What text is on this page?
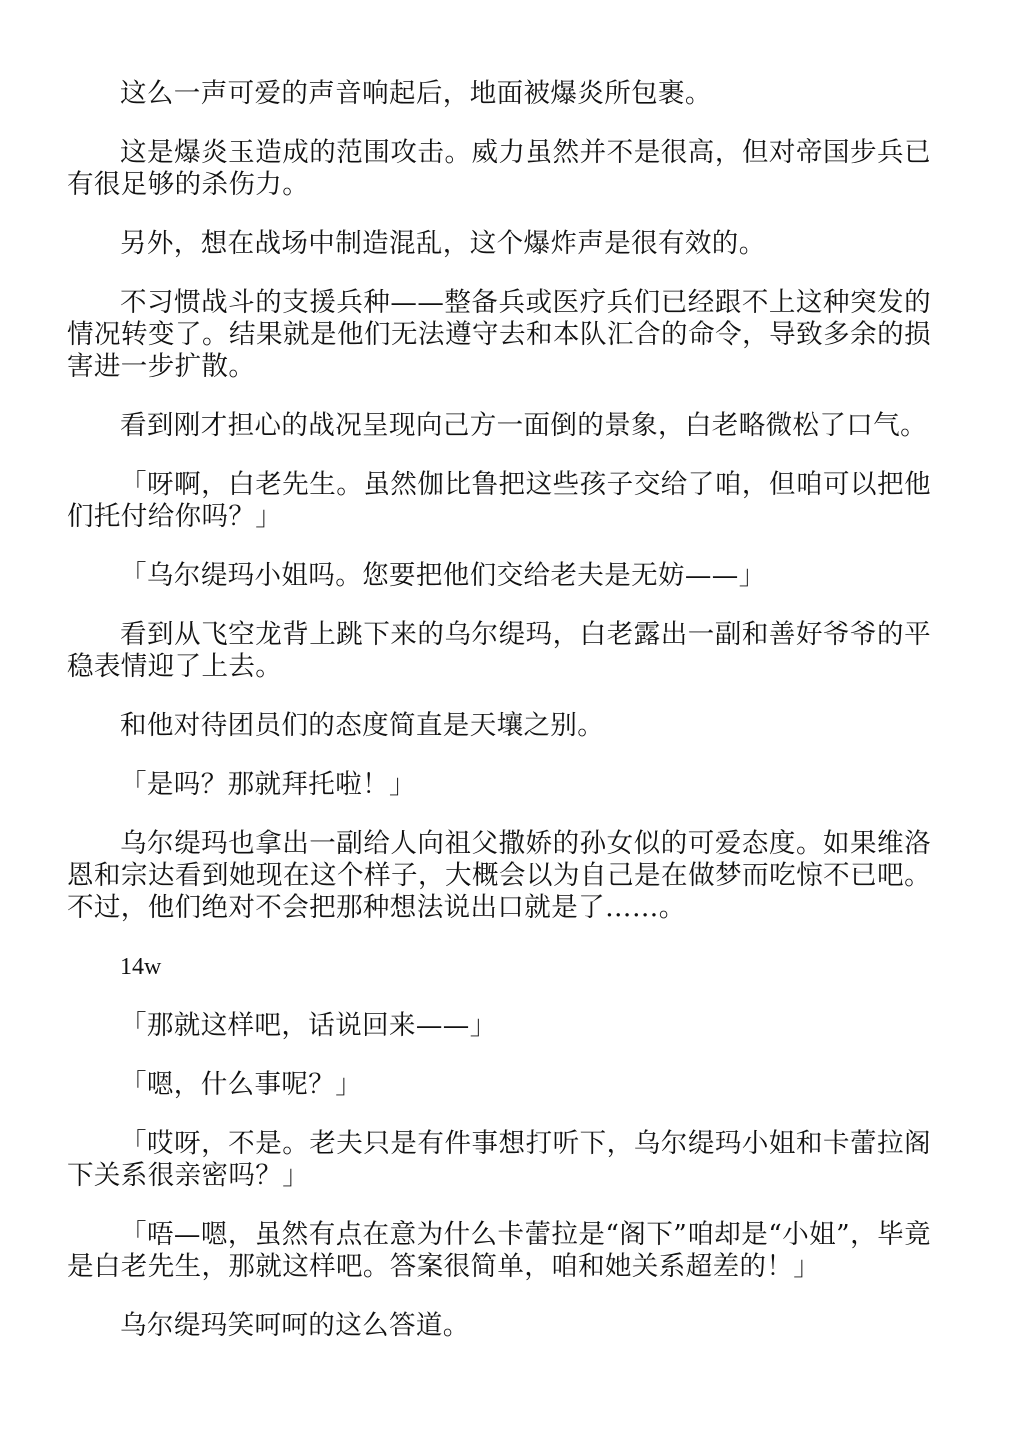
这么一声可爱的声音响起后，地面被爆炎所包裹。

这是爆炎玉造成的范围攻击。威力虽然并不是很高，但对帝国步兵已有很足够的杀伤力。

另外，想在战场中制造混乱，这个爆炸声是很有效的。

不习惯战斗的支援兵种——整备兵或医疗兵们已经跟不上这种突发的情况转变了。结果就是他们无法遵守去和本队汇合的命令，导致多余的损害进一步扩散。

看到刚才担心的战况呈现向己方一面倒的景象，白老略微松了口气。

「呀啊，白老先生。虽然伽比鲁把这些孩子交给了咱，但咱可以把他们托付给你吗？」

「乌尔缇玛小姐吗。您要把他们交给老夫是无妨——」

看到从飞空龙背上跳下来的乌尔缇玛，白老露出一副和善好爷爷的平稳表情迎了上去。

和他对待团员们的态度简直是天壤之别。

「是吗？那就拜托啦！」

乌尔缇玛也拿出一副给人向祖父撒娇的孙女似的可爱态度。如果维洛恩和宗达看到她现在这个样子，大概会以为自己是在做梦而吃惊不已吧。不过，他们绝对不会把那种想法说出口就是了……。

14w

「那就这样吧，话说回来——」

「嗯，什么事呢？」

「哎呀，不是。老夫只是有件事想打听下，乌尔缇玛小姐和卡蕾拉阁下关系很亲密吗？」

「唔—嗯，虽然有点在意为什么卡蕾拉是“阁下”咱却是“小姐”，毕竟是白老先生，那就这样吧。答案很简单，咱和她关系超差的！」

乌尔缇玛笑呵呵的这么答道。
